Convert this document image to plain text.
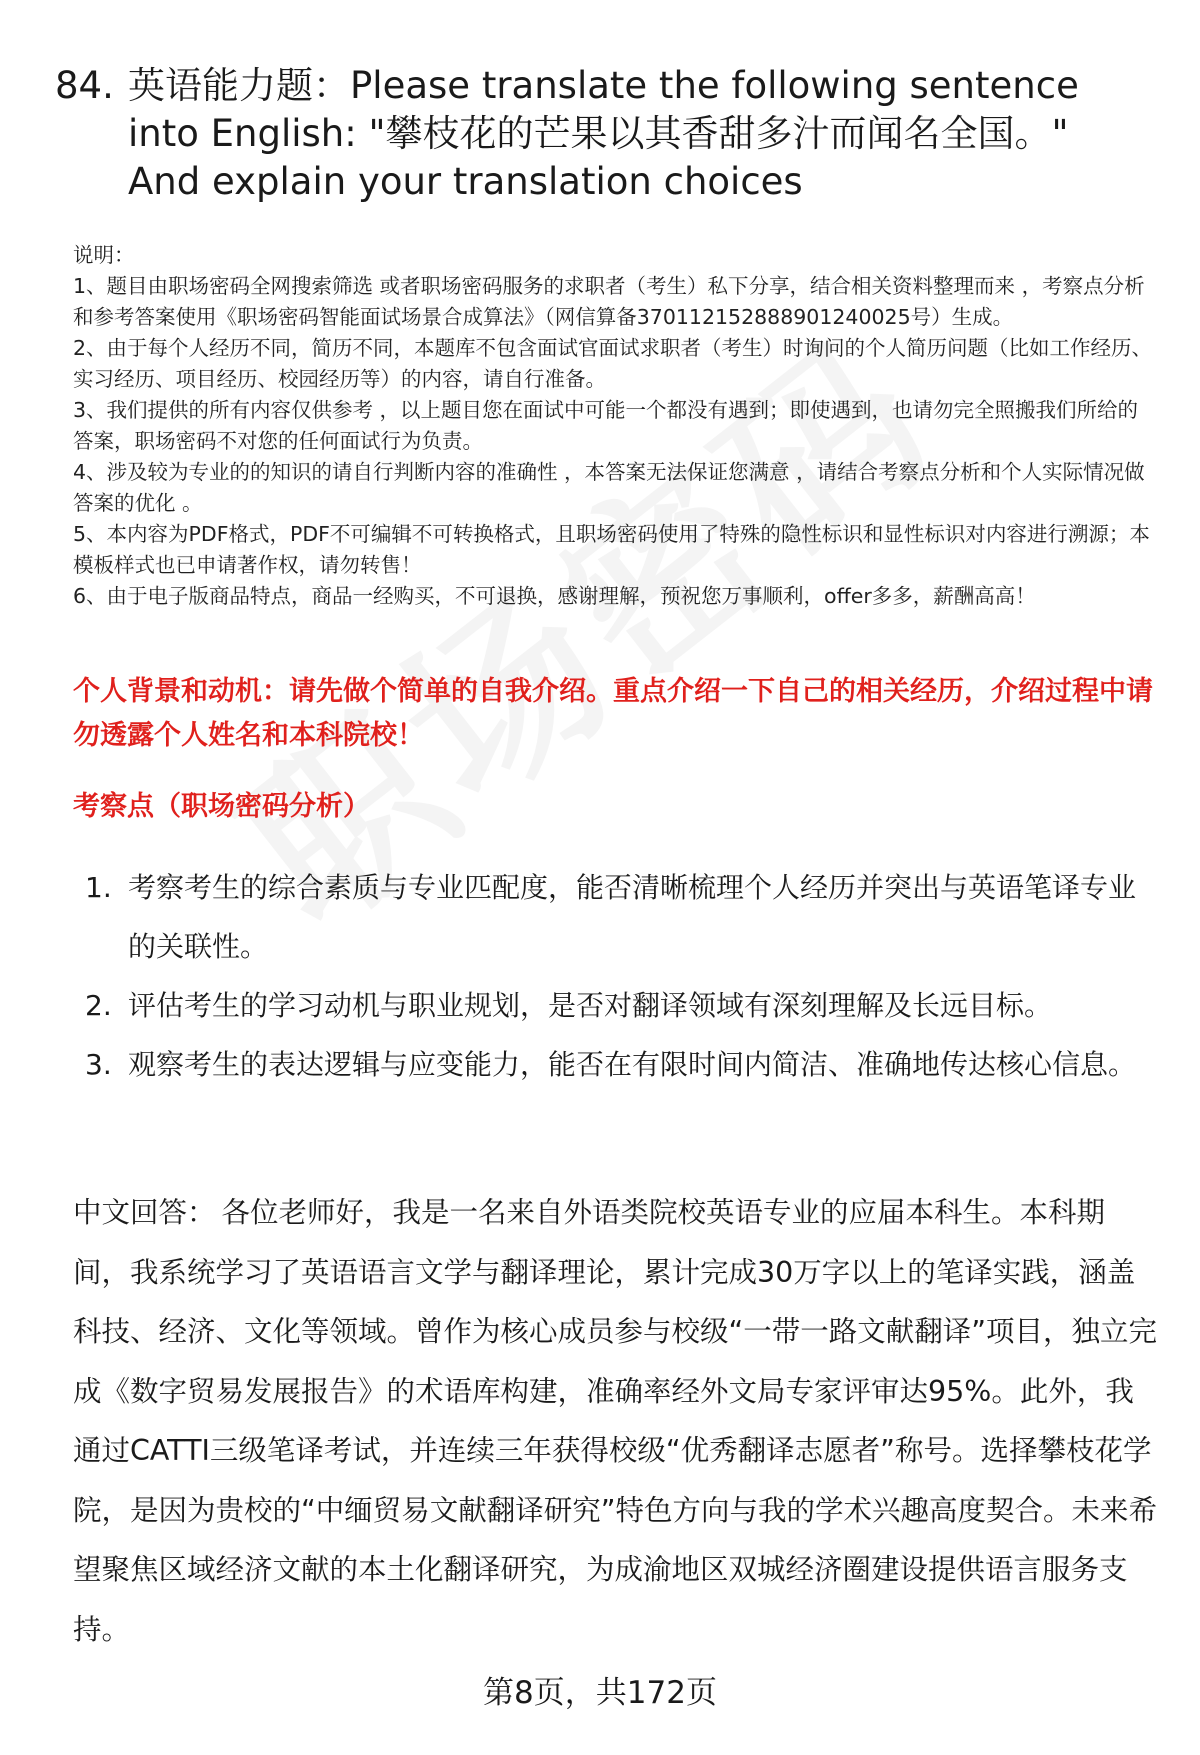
84. 英语能力题：Please translate the following sentence into English: "攀枝花的芒果以其香甜多汁而闻名全国。" And explain your translation choices

说明：

1、题目由职场密码全网搜索筛选 或者职场密码服务的求职者（考生）私下分享，结合相关资料整理而来 ，考察点分析和参考答案使用《职场密码智能面试场景合成算法》（网信算备370112152888901240025号）生成。

2、由于每个人经历不同，简历不同，本题库不包含面试官面试求职者（考生）时询问的个人简历问题（比如工作经历、实习经历、项目经历、校园经历等）的内容，请自行准备。

3、我们提供的所有内容仅供参考 ，以上题目您在面试中可能一个都没有遇到；即使遇到，也请勿完全照搬我们所给的答案，职场密码不对您的任何面试行为负责。

4、涉及较为专业的的知识的请自行判断内容的准确性 ，本答案无法保证您满意 ，请结合考察点分析和个人实际情况做答案的优化 。

5、本内容为PDF格式，PDF不可编辑不可转换格式，且职场密码使用了特殊的隐性标识和显性标识对内容进行溯源；本模板样式也已申请著作权，请勿转售！

6、由于电子版商品特点，商品一经购买，不可退换，感谢理解，预祝您万事顺利，offer多多，薪酬高高！

个人背景和动机：请先做个简单的自我介绍。重点介绍一下自己的相关经历，介绍过程中请勿透露个人姓名和本科院校！
考察点（职场密码分析）
1. 考察考生的综合素质与专业匹配度，能否清晰梳理个人经历并突出与英语笔译专业的关联性。
2. 评估考生的学习动机与职业规划，是否对翻译领域有深刻理解及长远目标。
3. 观察考生的表达逻辑与应变能力，能否在有限时间内简洁、准确地传达核心信息。

中文回答： 各位老师好，我是一名来自外语类院校英语专业的应届本科生。本科期间，我系统学习了英语语言文学与翻译理论，累计完成30万字以上的笔译实践，涵盖科技、经济、文化等领域。曾作为核心成员参与校级“一带一路文献翻译”项目，独立完成《数字贸易发展报告》的术语库构建，准确率经外文局专家评审达95%。此外，我通过CATTI三级笔译考试，并连续三年获得校级“优秀翻译志愿者”称号。选择攀枝花学院，是因为贵校的“中缅贸易文献翻译研究”特色方向与我的学术兴趣高度契合。未来希望聚焦区域经济文献的本土化翻译研究，为成渝地区双城经济圈建设提供语言服务支持。

第8页，共172页
